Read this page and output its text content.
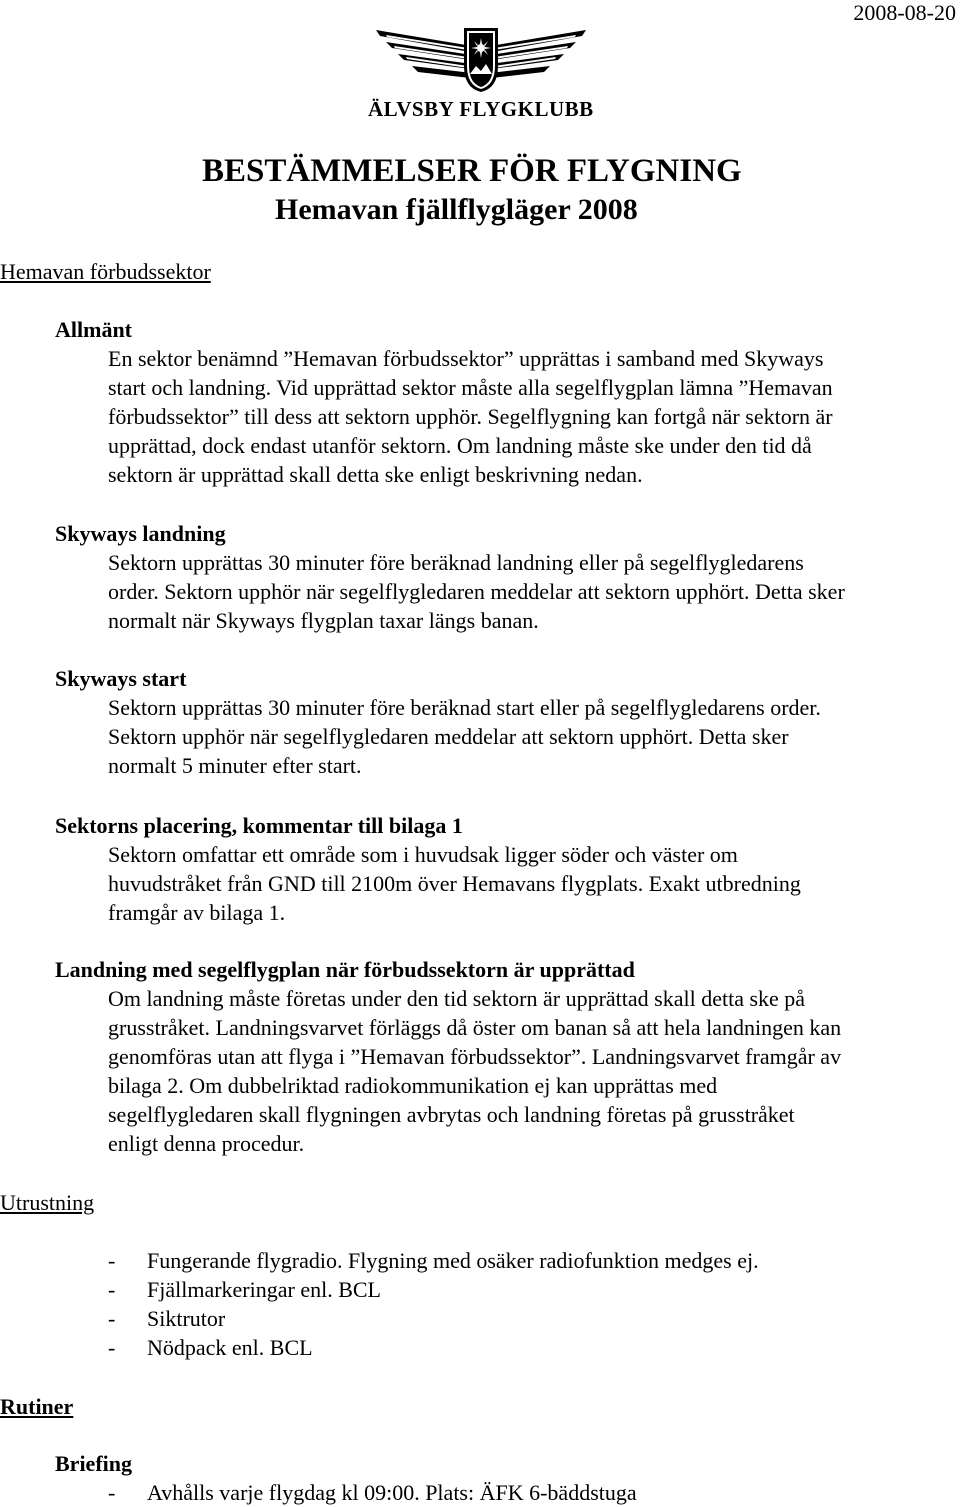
2008-08-20
ÄLVSBY FLYGKLUBB
BESTÄMMELSER FÖR FLYGNING
Hemavan fjällflygläger 2008
Hemavan förbudssektor
Allmänt
En sektor benämnd ”Hemavan förbudssektor” upprättas i samband med Skyways
start och landning. Vid upprättad sektor måste alla segelflygplan lämna ”Hemavan
förbudssektor” till dess att sektorn upphör. Segelflygning kan fortgå när sektorn är
upprättad, dock endast utanför sektorn. Om landning måste ske under den tid då
sektorn är upprättad skall detta ske enligt beskrivning nedan.
Skyways landning
Sektorn upprättas 30 minuter före beräknad landning eller på segelflygledarens
order. Sektorn upphör när segelflygledaren meddelar att sektorn upphört. Detta sker
normalt när Skyways flygplan taxar längs banan.
Skyways start
Sektorn upprättas 30 minuter före beräknad start eller på segelflygledarens order.
Sektorn upphör när segelflygledaren meddelar att sektorn upphört. Detta sker
normalt 5 minuter efter start.
Sektorns placering, kommentar till bilaga 1
Sektorn omfattar ett område som i huvudsak ligger söder och väster om
huvudstråket från GND till 2100m över Hemavans flygplats. Exakt utbredning
framgår av bilaga 1.
Landning med segelflygplan när förbudssektorn är upprättad
Om landning måste företas under den tid sektorn är upprättad skall detta ske på
grusstråket. Landningsvarvet förläggs då öster om banan så att hela landningen kan
genomföras utan att flyga i ”Hemavan förbudssektor”. Landningsvarvet framgår av
bilaga 2. Om dubbelriktad radiokommunikation ej kan upprättas med
segelflygledaren skall flygningen avbrytas och landning företas på grusstråket
enligt denna procedur.
Utrustning
- Fungerande flygradio. Flygning med osäker radiofunktion medges ej.
- Fjällmarkeringar enl. BCL
- Siktrutor
- Nödpack enl. BCL
Rutiner
Briefing
- Avhålls varje flygdag kl 09:00. Plats: ÄFK 6-bäddstuga
